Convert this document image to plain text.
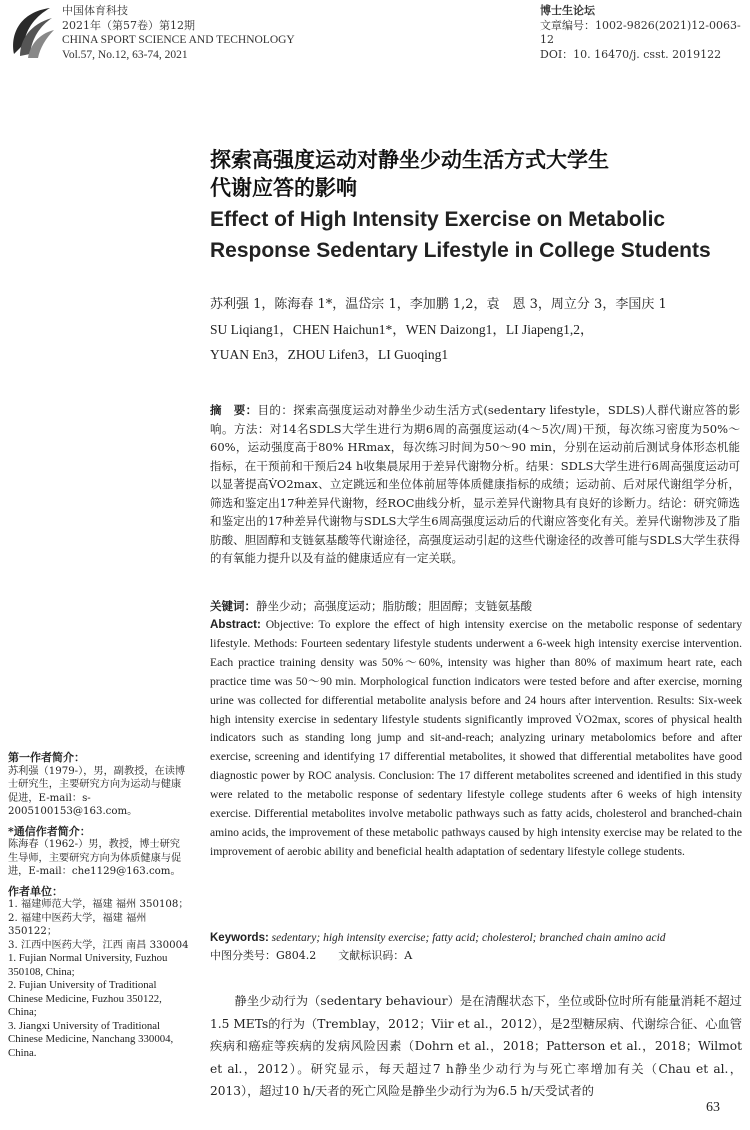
中国体育科技
2021年（第57卷）第12期
CHINA SPORT SCIENCE AND TECHNOLOGY
Vol.57, No.12, 63-74, 2021
博士生论坛
文章编号：1002-9826(2021)12-0063-12
DOI：10. 16470/j. csst. 2019122
探索高强度运动对静坐少动生活方式大学生
代谢应答的影响
Effect of High Intensity Exercise on Metabolic
Response Sedentary Lifestyle in College Students
苏利强 1，陈海春 1*，温岱宗 1，李加鹏 1,2，袁　恩 3，周立分 3，李国庆 1
SU Liqiang1，CHEN Haichun1*，WEN Daizong1，LI Jiapeng1,2，
YUAN En3，ZHOU Lifen3，LI Guoqing1
摘　要：目的：探索高强度运动对静坐少动生活方式(sedentary lifestyle，SDLS)人群代谢应答的影响。方法：对14名SDLS大学生进行为期6周的高强度运动(4～5次/周)干预，每次练习密度为50%～60%，运动强度高于80% HRmax，每次练习时间为50～90 min，分别在运动前后测试身体形态机能指标，在干预前和干预后24 h收集晨尿用于差异代谢物分析。结果：SDLS大学生进行6周高强度运动可以显著提高V̇O2max、立定跳远和坐位体前屈等体质健康指标的成绩；运动前、后对尿代谢组学分析，筛选和鉴定出17种差异代谢物，经ROC曲线分析，显示差异代谢物具有良好的诊断力。结论：研究筛选和鉴定出的17种差异代谢物与SDLS大学生6周高强度运动后的代谢应答变化有关。差异代谢物涉及了脂肪酸、胆固醇和支链氨基酸等代谢途径，高强度运动引起的这些代谢途径的改善可能与SDLS大学生获得的有氧能力提升以及有益的健康适应有一定关联。
关键词：静坐少动；高强度运动；脂肪酸；胆固醇；支链氨基酸
Abstract: Objective: To explore the effect of high intensity exercise on the metabolic response of sedentary lifestyle. Methods: Fourteen sedentary lifestyle students underwent a 6-week high intensity exercise intervention. Each practice training density was 50%～60%, intensity was higher than 80% of maximum heart rate, each practice time was 50～90 min. Morphological function indicators were tested before and after exercise, morning urine was collected for differential metabolite analysis before and 24 hours after intervention. Results: Six-week high intensity exercise in sedentary lifestyle students significantly improved V̇O2max, scores of physical health indicators such as standing long jump and sit-and-reach; analyzing urinary metabolomics before and after exercise, screening and identifying 17 differential metabolites, it showed that differential metabolites have good diagnostic power by ROC analysis. Conclusion: The 17 different metabolites screened and identified in this study were related to the metabolic response of sedentary lifestyle college students after 6 weeks of high intensity exercise. Differential metabolites involve metabolic pathways such as fatty acids, cholesterol and branched-chain amino acids, the improvement of these metabolic pathways caused by high intensity exercise may be related to the improvement of aerobic ability and beneficial health adaptation of sedentary lifestyle college students.
Keywords: sedentary; high intensity exercise; fatty acid; cholesterol; branched chain amino acid
中图分类号：G804.2　　文献标识码：A
　　静坐少动行为（sedentary behaviour）是在清醒状态下，坐位或卧位时所有能量消耗不超过1.5 METs的行为（Tremblay，2012；Viir et al.，2012），是2型糖尿病、代谢综合征、心血管疾病和癌症等疾病的发病风险因素（Dohrn et al.，2018；Patterson et al.，2018；Wilmot et al.，2012）。研究显示，每天超过7 h静坐少动行为与死亡率增加有关（Chau et al.，2013），超过10 h/天者的死亡风险是静坐少动行为为6.5 h/天受试者的
第一作者简介：
苏利强（1979-），男，副教授，在读博士研究生，主要研究方向为运动与健康促进，E-mail：s-2005100153@163.com。
*通信作者简介：
陈海春（1962-）男，教授，博士研究生导师，主要研究方向为体质健康与促进，E-mail：che1129@163.com。
作者单位：
1. 福建师范大学，福建 福州 350108；
2. 福建中医药大学，福建 福州 350122；
3. 江西中医药大学，江西 南昌 330004
1. Fujian Normal University, Fuzhou 350108, China;
2. Fujian University of Traditional Chinese Medicine, Fuzhou 350122, China;
3. Jiangxi University of Traditional Chinese Medicine, Nanchang 330004, China.
63
